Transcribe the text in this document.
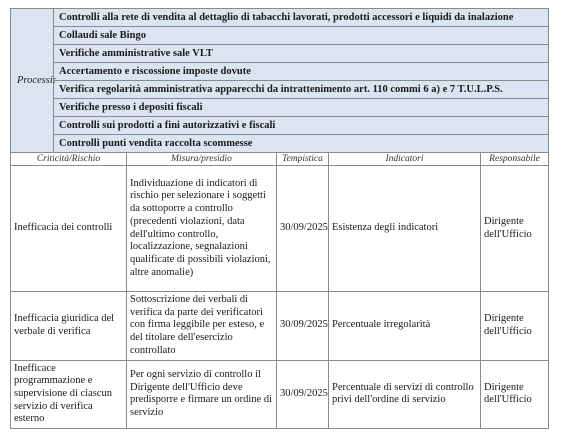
Processi:	Controlli alla rete di vendita al dettaglio di tabacchi lavorati, prodotti accessori e liquidi da inalazione				
	Collaudi sale Bingo				
	Verifiche amministrative sale VLT				
	Accertamento e riscossione imposte dovute				
	Verifica regolarità amministrativa apparecchi da intrattenimento art. 110 commi 6 a) e 7 T.U.L.P.S.				
	Verifiche presso i depositi fiscali				
	Controlli sui prodotti a fini autorizzativi e fiscali				
	Controlli punti vendita raccolta scommesse				
Criticità/Rischio		Misura/presidio	Tempistica	Indicatori	Responsabile
Inefficacia dei controlli		Individuazione di indicatori di rischio per selezionare i soggetti da sottoporre a controllo (precedenti violazioni, data dell'ultimo controllo, localizzazione, segnalazioni qualificate di possibili violazioni, altre anomalie)	30/09/2025	Esistenza degli indicatori	Dirigente dell'Ufficio
Inefficacia giuridica del verbale di verifica		Sottoscrizione dei verbali di verifica da parte dei verificatori con firma leggibile per esteso, e del titolare dell'esercizio controllato	30/09/2025	Percentuale irregolarità	Dirigente dell'Ufficio
Inefficace programmazione e supervisione di ciascun servizio di verifica esterno		Per ogni servizio di controllo il Dirigente dell'Ufficio deve predisporre e firmare un ordine di servizio	30/09/2025	Percentuale di servizi di controllo privi dell'ordine di servizio	Dirigente dell'Ufficio
